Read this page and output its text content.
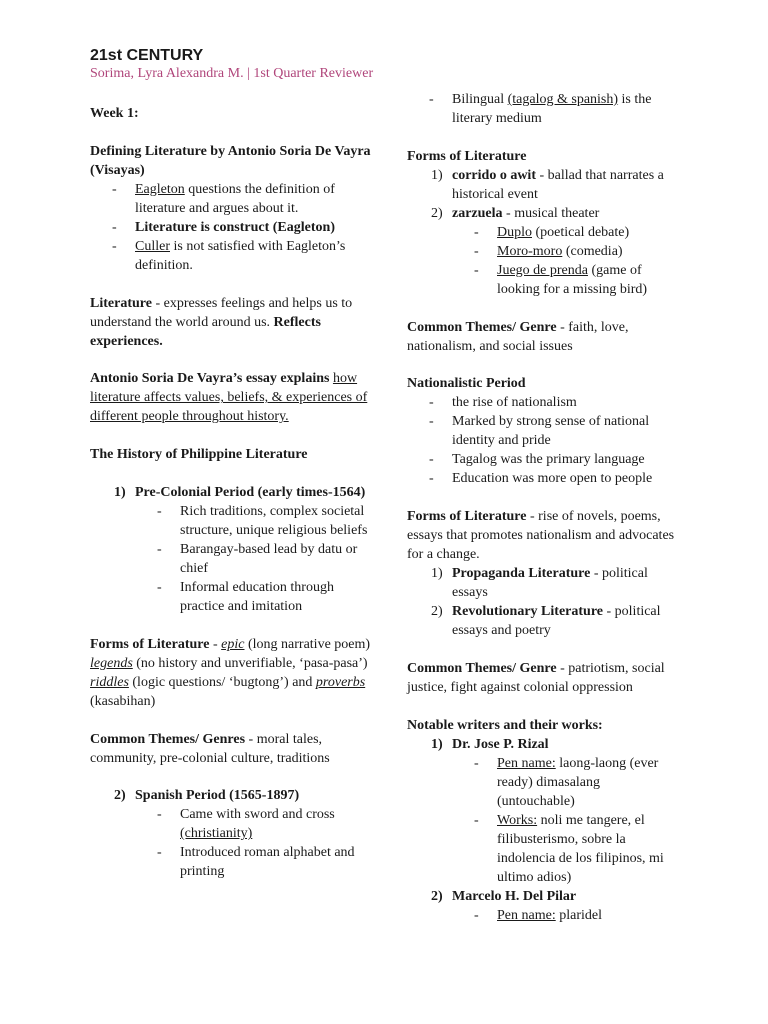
21st CENTURY

Sorima, Lyra Alexandra M. | 1st Quarter Reviewer

Week 1:

Defining Literature by Antonio Soria De Vayra (Visayas)

- Eagleton questions the definition of literature and argues about it.
- Literature is construct (Eagleton)
- Culler is not satisfied with Eagleton’s definition.

Literature - expresses feelings and helps us to understand the world around us. Reflects experiences.

Antonio Soria De Vayra’s essay explains how literature affects values, beliefs, & experiences of different people throughout history.

The History of Philippine Literature

1) Pre-Colonial Period (early times-1564)
- Rich traditions, complex societal structure, unique religious beliefs
- Barangay-based lead by datu or chief
- Informal education through practice and imitation

Forms of Literature - epic (long narrative poem) legends (no history and unverifiable, ‘pasa-pasa’) riddles (logic questions/ ‘bugtong’) and proverbs (kasabihan)

Common Themes/ Genres - moral tales, community, pre-colonial culture, traditions

2) Spanish Period (1565-1897)
- Came with sword and cross (christianity)
- Introduced roman alphabet and printing
- Bilingual (tagalog & spanish) is the literary medium

Forms of Literature

1) corrido o awit - ballad that narrates a historical event
2) zarzuela - musical theater
- Duplo (poetical debate)
- Moro-moro (comedia)
- Juego de prenda (game of looking for a missing bird)

Common Themes/ Genre - faith, love, nationalism, and social issues

Nationalistic Period

- the rise of nationalism
- Marked by strong sense of national identity and pride
- Tagalog was the primary language
- Education was more open to people

Forms of Literature - rise of novels, poems, essays that promotes nationalism and advocates for a change.

1) Propaganda Literature - political essays
2) Revolutionary Literature - political essays and poetry

Common Themes/ Genre - patriotism, social justice, fight against colonial oppression

Notable writers and their works:

1) Dr. Jose P. Rizal
- Pen name: laong-laong (ever ready) dimasalang (untouchable)
- Works: noli me tangere, el filibusterismo, sobre la indolencia de los filipinos, mi ultimo adios)
2) Marcelo H. Del Pilar
- Pen name: plaridel
